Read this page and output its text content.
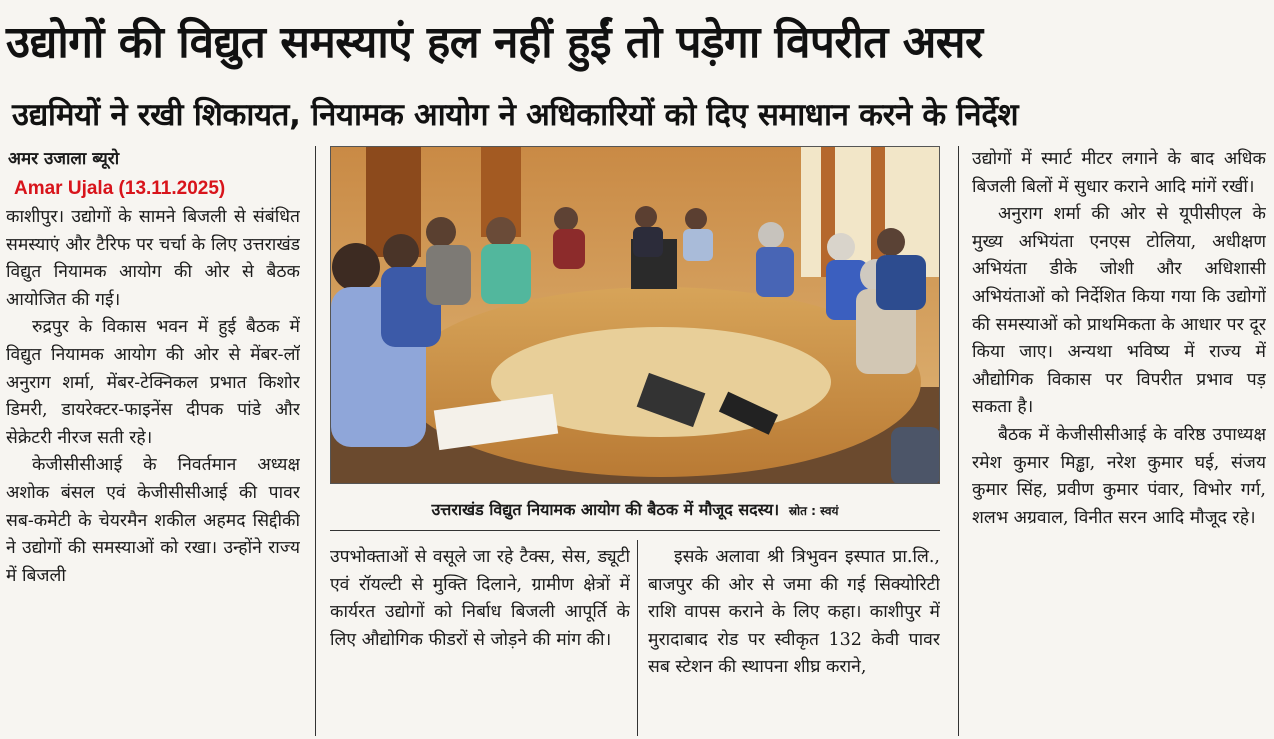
उद्योगों की विद्युत समस्याएं हल नहीं हुईं तो पड़ेगा विपरीत असर
उद्यमियों ने रखी शिकायत, नियामक आयोग ने अधिकारियों को दिए समाधान करने के निर्देश
अमर उजाला ब्यूरो
Amar Ujala (13.11.2025)

काशीपुर। उद्योगों के सामने बिजली से संबंधित समस्याएं और टैरिफ पर चर्चा के लिए उत्तराखंड विद्युत नियामक आयोग की ओर से बैठक आयोजित की गई।

रुद्रपुर के विकास भवन में हुई बैठक में विद्युत नियामक आयोग की ओर से मेंबर-लॉ अनुराग शर्मा, मेंबर-टेक्निकल प्रभात किशोर डिमरी, डायरेक्टर-फाइनेंस दीपक पांडे और सेक्रेटरी नीरज सती रहे।

केजीसीसीआई के निवर्तमान अध्यक्ष अशोक बंसल एवं केजीसीसीआई की पावर सब-कमेटी के चेयरमैन शकील अहमद सिद्दीकी ने उद्योगों की समस्याओं को रखा। उन्होंने राज्य में बिजली

उत्तराखंड विद्युत नियामक आयोग की बैठक में मौजूद सदस्य। स्रोत : स्वयं

उपभोक्ताओं से वसूले जा रहे टैक्स, सेस, ड्यूटी एवं रॉयल्टी से मुक्ति दिलाने, ग्रामीण क्षेत्रों में कार्यरत उद्योगों को निर्बाध बिजली आपूर्ति के लिए औद्योगिक फीडरों से जोड़ने की मांग की।

इसके अलावा श्री त्रिभुवन इस्पात प्रा.लि., बाजपुर की ओर से जमा की गई सिक्योरिटी राशि वापस कराने के लिए कहा। काशीपुर में मुरादाबाद रोड पर स्वीकृत 132 केवी पावर सब स्टेशन की स्थापना शीघ्र कराने,

उद्योगों में स्मार्ट मीटर लगाने के बाद अधिक बिजली बिलों में सुधार कराने आदि मांगें रखीं।

अनुराग शर्मा की ओर से यूपीसीएल के मुख्य अभियंता एनएस टोलिया, अधीक्षण अभियंता डीके जोशी और अधिशासी अभियंताओं को निर्देशित किया गया कि उद्योगों की समस्याओं को प्राथमिकता के आधार पर दूर किया जाए। अन्यथा भविष्य में राज्य में औद्योगिक विकास पर विपरीत प्रभाव पड़ सकता है।

बैठक में केजीसीसीआई के वरिष्ठ उपाध्यक्ष रमेश कुमार मिड्ढा, नरेश कुमार घई, संजय कुमार सिंह, प्रवीण कुमार पंवार, विभोर गर्ग, शलभ अग्रवाल, विनीत सरन आदि मौजूद रहे।
